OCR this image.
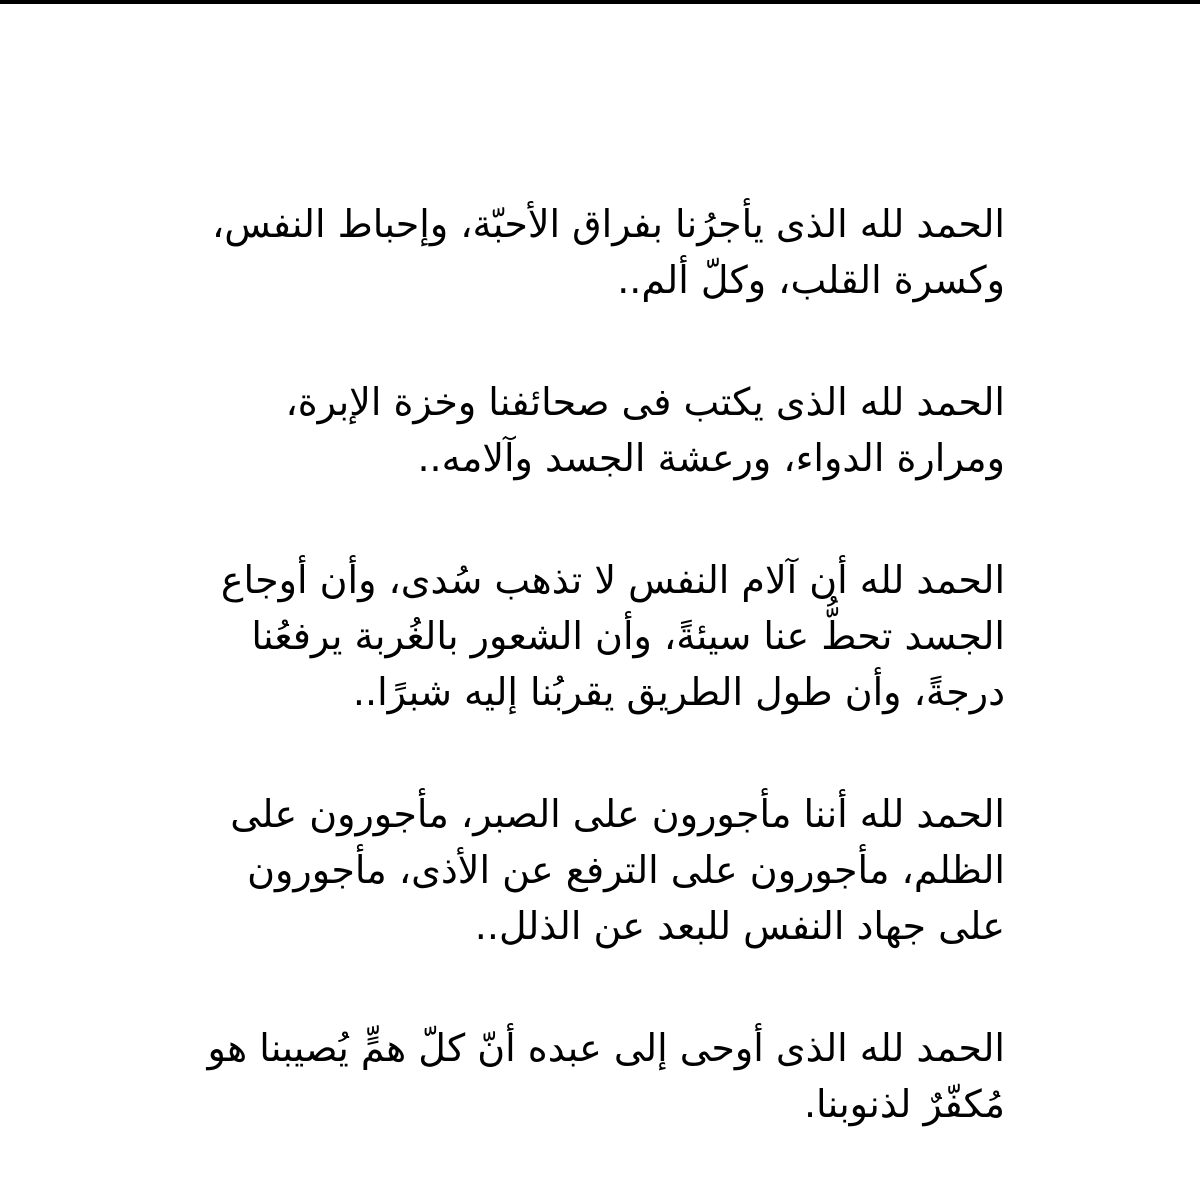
الحمد لله الذى يأجرُنا بفراق الأحبّة، وإحباط النفس، وكسرة القلب، وكلّ ألم..

الحمد لله الذى يكتب فى صحائفنا وخزة الإبرة، ومرارة الدواء، ورعشة الجسد وآلامه..

الحمد لله أن آلام النفس لا تذهب سُدى، وأن أوجاع الجسد تحطُّ عنا سيئةً، وأن الشعور بالغُربة يرفعُنا درجةً، وأن طول الطريق يقربُنا إليه شبرًا..

الحمد لله أننا مأجورون على الصبر، مأجورون على الظلم، مأجورون على الترفع عن الأذى، مأجورون على جهاد النفس للبعد عن الذلل..

الحمد لله الذى أوحى إلى عبده أنّ كلّ همٍّ يُصيبنا هو مُكفّرٌ لذنوبنا.
